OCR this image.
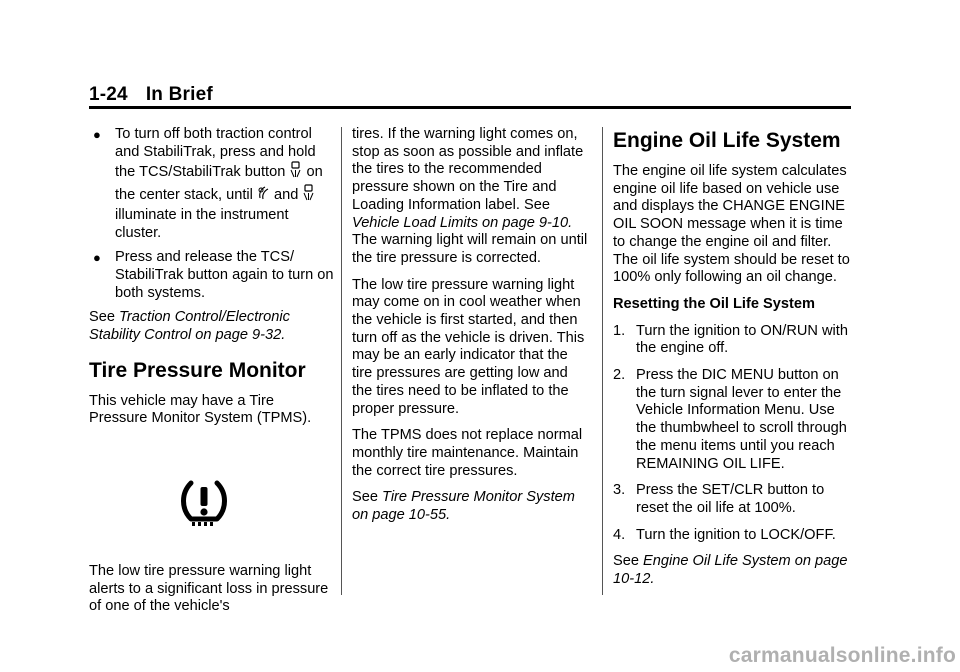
1-24 In Brief
● To turn off both traction control and StabiliTrak, press and hold the TCS/StabiliTrak button on the center stack, until and  illuminate in the instrument cluster.
● Press and release the TCS/ StabiliTrak button again to turn on both systems.

See Traction Control/Electronic Stability Control on page 9-32.

Tire Pressure Monitor

This vehicle may have a Tire Pressure Monitor System (TPMS).

The low tire pressure warning light alerts to a significant loss in pressure of one of the vehicle's

tires. If the warning light comes on, stop as soon as possible and inflate the tires to the recommended pressure shown on the Tire and Loading Information label. See Vehicle Load Limits on page 9-10. The warning light will remain on until the tire pressure is corrected.

The low tire pressure warning light may come on in cool weather when the vehicle is first started, and then turn off as the vehicle is driven. This may be an early indicator that the tire pressures are getting low and the tires need to be inflated to the proper pressure.

The TPMS does not replace normal monthly tire maintenance. Maintain the correct tire pressures.

See Tire Pressure Monitor System on page 10-55.

Engine Oil Life System

The engine oil life system calculates engine oil life based on vehicle use and displays the CHANGE ENGINE OIL SOON message when it is time to change the engine oil and filter. The oil life system should be reset to 100% only following an oil change.

Resetting the Oil Life System
1. Turn the ignition to ON/RUN with the engine off.
2. Press the DIC MENU button on the turn signal lever to enter the Vehicle Information Menu. Use the thumbwheel to scroll through the menu items until you reach REMAINING OIL LIFE.
3. Press the SET/CLR button to reset the oil life at 100%.
4. Turn the ignition to LOCK/OFF.

See Engine Oil Life System on page 10-12.

carmanualsonline.info
